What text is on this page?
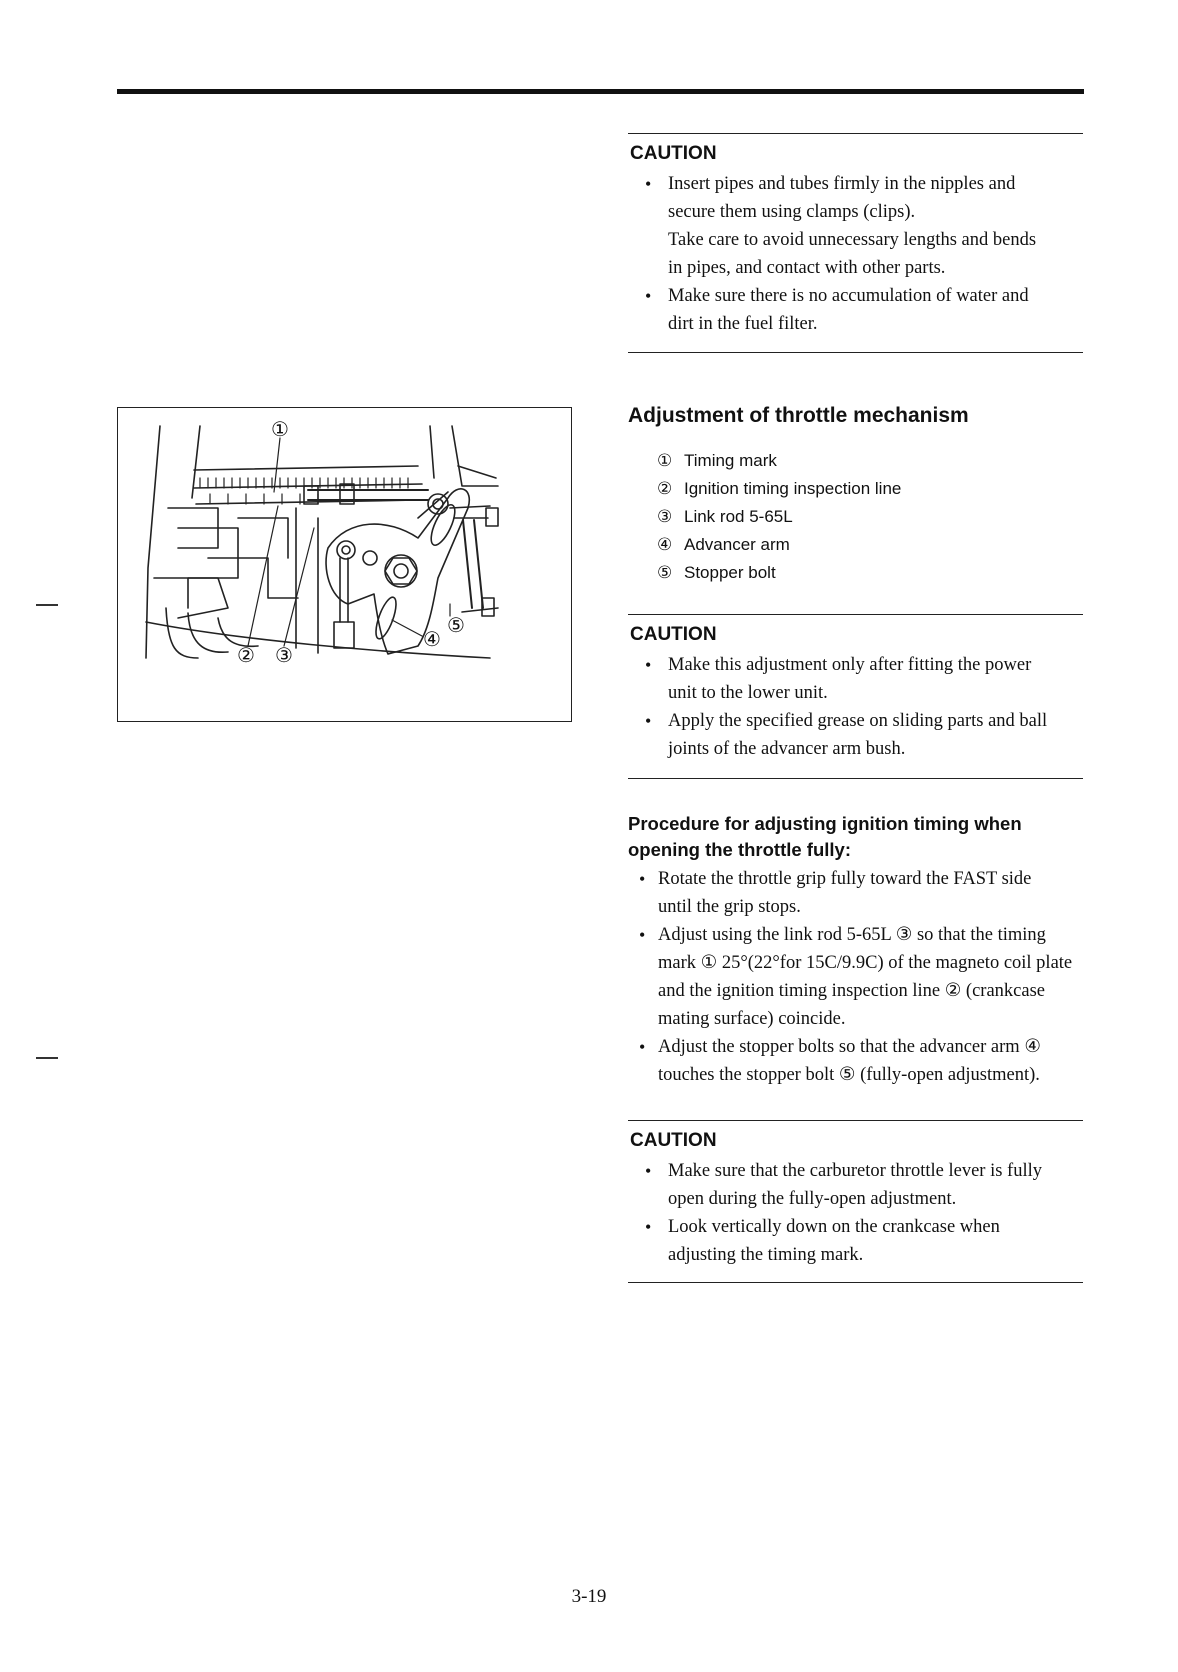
CAUTION
• Insert pipes and tubes firmly in the nipples and
secure them using clamps (clips).
Take care to avoid unnecessary lengths and bends
in pipes, and contact with other parts.
• Make sure there is no accumulation of water and
dirt in the fuel filter.
Adjustment of throttle mechanism
① Timing mark
② Ignition timing inspection line
③ Link rod 5-65L
④ Advancer arm
⑤ Stopper bolt
CAUTION
• Make this adjustment only after fitting the power
unit to the lower unit.
• Apply the specified grease on sliding parts and ball
joints of the advancer arm bush.
Procedure for adjusting ignition timing when
opening the throttle fully:
• Rotate the throttle grip fully toward the FAST side
until the grip stops.
• Adjust using the link rod 5-65L ③ so that the timing
mark ① 25°(22°for 15C/9.9C) of the magneto coil plate
and the ignition timing inspection line ② (crankcase
mating surface) coincide.
• Adjust the stopper bolts so that the advancer arm ④
touches the stopper bolt ⑤ (fully-open adjustment).
CAUTION
• Make sure that the carburetor throttle lever is fully
open during the fully-open adjustment.
• Look vertically down on the crankcase when
adjusting the timing mark.
①
② ③
④
⑤
3-19
